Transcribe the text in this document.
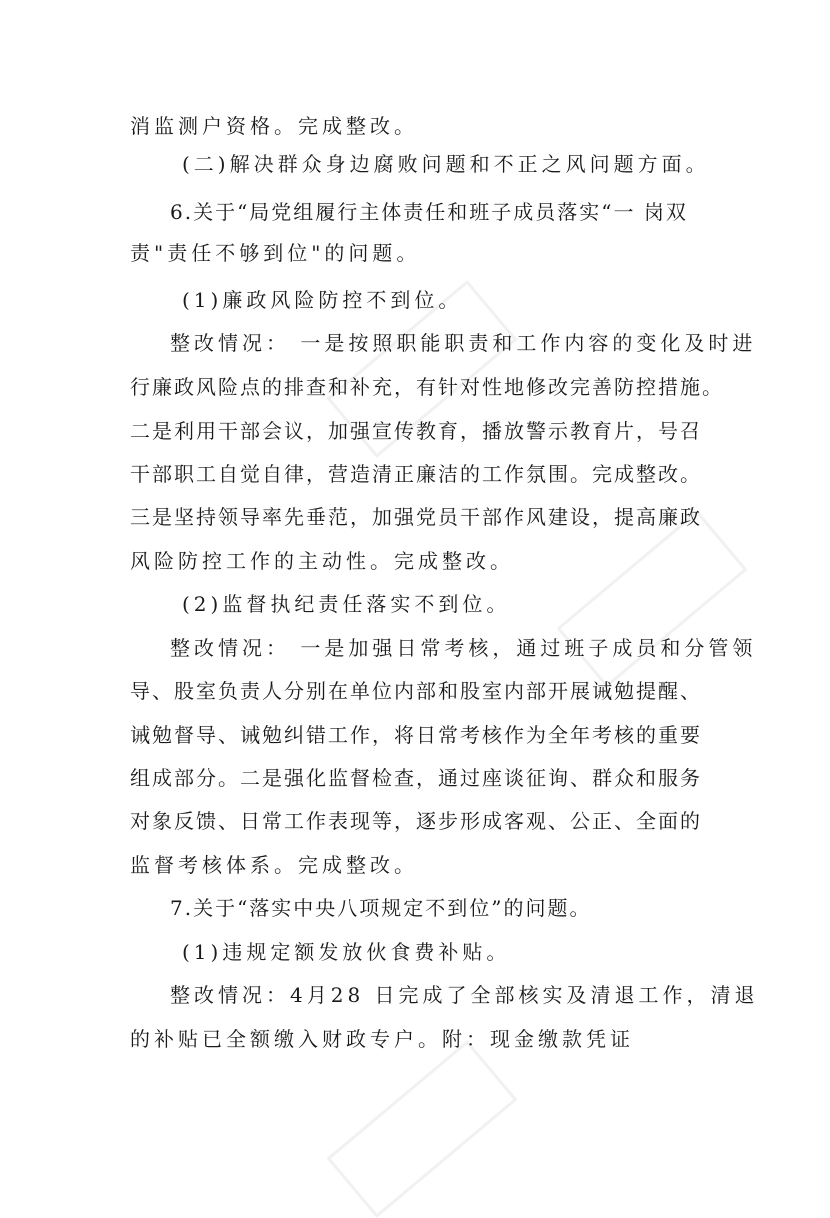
消监测户资格。完成整改。

(二)解决群众身边腐败问题和不正之风问题方面。

6.关于“局党组履行主体责任和班子成员落实“一 岗双

责"责任不够到位"的问题。

(1)廉政风险防控不到位。

整改情况： 一是按照职能职责和工作内容的变化及时进

行廉政风险点的排查和补充，有针对性地修改完善防控措施。

二是利用干部会议，加强宣传教育，播放警示教育片，号召

干部职工自觉自律，营造清正廉洁的工作氛围。完成整改。

三是坚持领导率先垂范，加强党员干部作风建设，提高廉政

风险防控工作的主动性。完成整改。

(2)监督执纪责任落实不到位。

整改情况： 一是加强日常考核，通过班子成员和分管领

导、股室负责人分别在单位内部和股室内部开展诫勉提醒、

诫勉督导、诫勉纠错工作，将日常考核作为全年考核的重要

组成部分。二是强化监督检查，通过座谈征询、群众和服务

对象反馈、日常工作表现等，逐步形成客观、公正、全面的

监督考核体系。完成整改。

7.关于“落实中央八项规定不到位”的问题。

(1)违规定额发放伙食费补贴。

整改情况：4月28 日完成了全部核实及清退工作，清退

的补贴已全额缴入财政专户。附：现金缴款凭证
